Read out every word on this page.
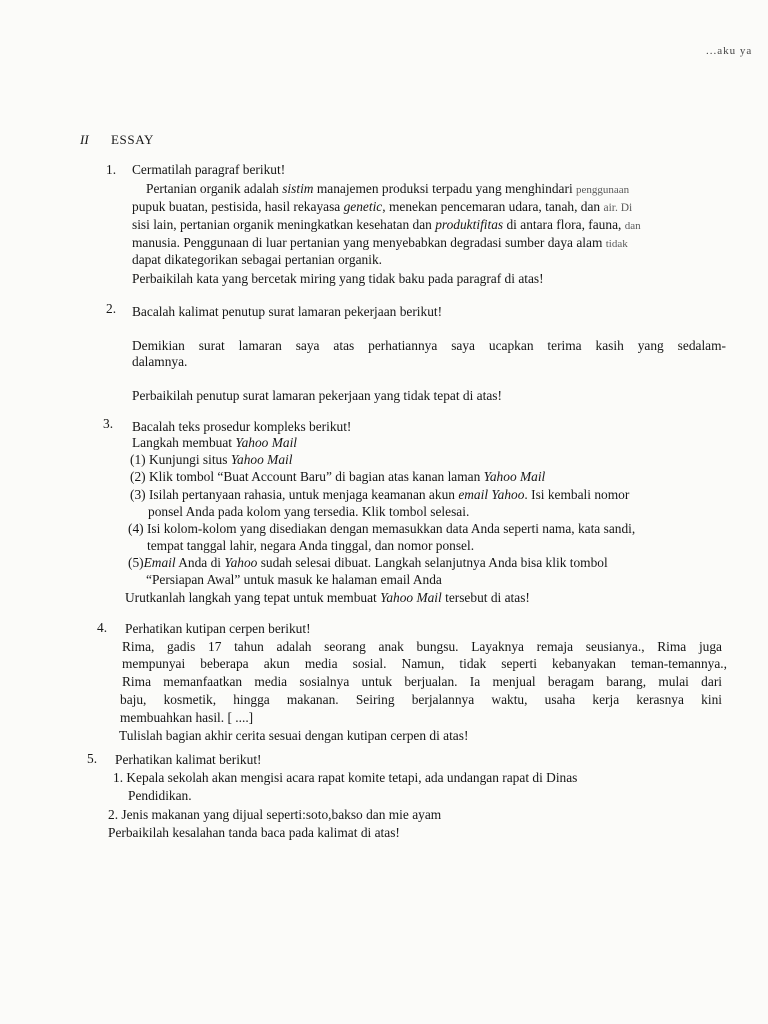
...aku ya
II ESSAY
1. Cermatilah paragraf berikut!
Pertanian organik adalah sistim manajemen produksi terpadu yang menghindari penggunaan
pupuk buatan, pestisida, hasil rekayasa genetic, menekan pencemaran udara, tanah, dan air. Di
sisi lain, pertanian organik meningkatkan kesehatan dan produktifitas di antara flora, fauna, dan
manusia. Penggunaan di luar pertanian yang menyebabkan degradasi sumber daya alam tidak
dapat dikategorikan sebagai pertanian organik.
Perbaikilah kata yang bercetak miring yang tidak baku pada paragraf di atas!
2. Bacalah kalimat penutup surat lamaran pekerjaan berikut!
Demikian surat lamaran saya atas perhatiannya saya ucapkan terima kasih yang sedalam-
dalamnya.
Perbaikilah penutup surat lamaran pekerjaan yang tidak tepat di atas!
3. Bacalah teks prosedur kompleks berikut!
Langkah membuat Yahoo Mail
(1) Kunjungi situs Yahoo Mail
(2) Klik tombol “Buat Account Baru” di bagian atas kanan laman Yahoo Mail
(3) Isilah pertanyaan rahasia, untuk menjaga keamanan akun email Yahoo. Isi kembali nomor
ponsel Anda pada kolom yang tersedia. Klik tombol selesai.
(4) Isi kolom-kolom yang disediakan dengan memasukkan data Anda seperti nama, kata sandi,
tempat tanggal lahir, negara Anda tinggal, dan nomor ponsel.
(5)Email Anda di Yahoo sudah selesai dibuat. Langkah selanjutnya Anda bisa klik tombol
“Persiapan Awal” untuk masuk ke halaman email Anda
Urutkanlah langkah yang tepat untuk membuat Yahoo Mail tersebut di atas!
4. Perhatikan kutipan cerpen berikut!
Rima, gadis 17 tahun adalah seorang anak bungsu. Layaknya remaja seusianya., Rima juga
mempunyai beberapa akun media sosial. Namun, tidak seperti kebanyakan teman-temannya.,
Rima memanfaatkan media sosialnya untuk berjualan. Ia menjual beragam barang, mulai dari
baju, kosmetik, hingga makanan. Seiring berjalannya waktu, usaha kerja kerasnya kini
membuahkan hasil. [ ....]
Tulislah bagian akhir cerita sesuai dengan kutipan cerpen di atas!
5. Perhatikan kalimat berikut!
1. Kepala sekolah akan mengisi acara rapat komite tetapi, ada undangan rapat di Dinas
Pendidikan.
2. Jenis makanan yang dijual seperti:soto,bakso dan mie ayam
Perbaikilah kesalahan tanda baca pada kalimat di atas!
